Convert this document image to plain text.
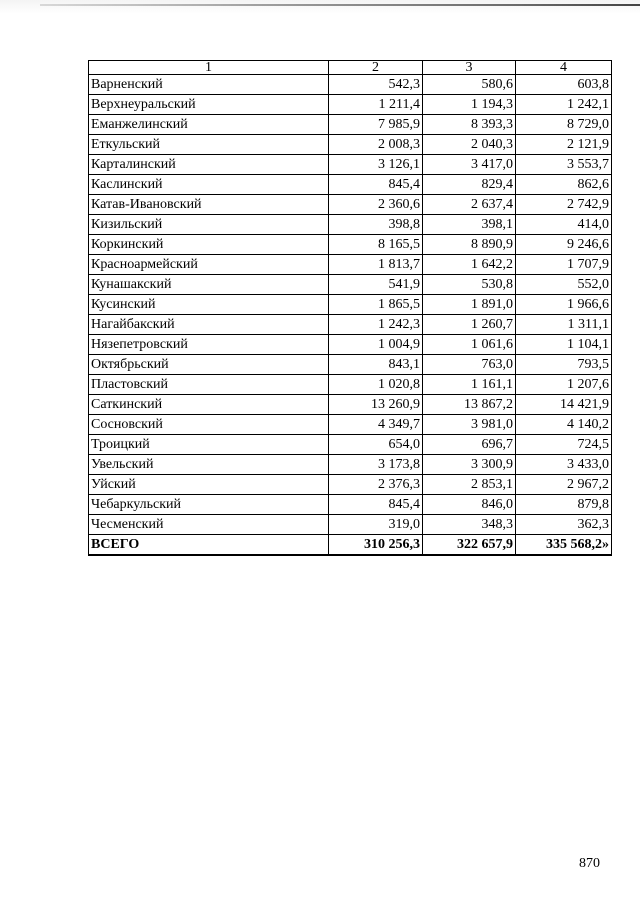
1	2	3	4
Варненский	542,3	580,6	603,8
Верхнеуральский	1 211,4	1 194,3	1 242,1
Еманжелинский	7 985,9	8 393,3	8 729,0
Еткульский	2 008,3	2 040,3	2 121,9
Карталинский	3 126,1	3 417,0	3 553,7
Каслинский	845,4	829,4	862,6
Катав-Ивановский	2 360,6	2 637,4	2 742,9
Кизильский	398,8	398,1	414,0
Коркинский	8 165,5	8 890,9	9 246,6
Красноармейский	1 813,7	1 642,2	1 707,9
Кунашакский	541,9	530,8	552,0
Кусинский	1 865,5	1 891,0	1 966,6
Нагайбакский	1 242,3	1 260,7	1 311,1
Нязепетровский	1 004,9	1 061,6	1 104,1
Октябрьский	843,1	763,0	793,5
Пластовский	1 020,8	1 161,1	1 207,6
Саткинский	13 260,9	13 867,2	14 421,9
Сосновский	4 349,7	3 981,0	4 140,2
Троицкий	654,0	696,7	724,5
Увельский	3 173,8	3 300,9	3 433,0
Уйский	2 376,3	2 853,1	2 967,2
Чебаркульский	845,4	846,0	879,8
Чесменский	319,0	348,3	362,3
ВСЕГО	310 256,3	322 657,9	335 568,2»
870
